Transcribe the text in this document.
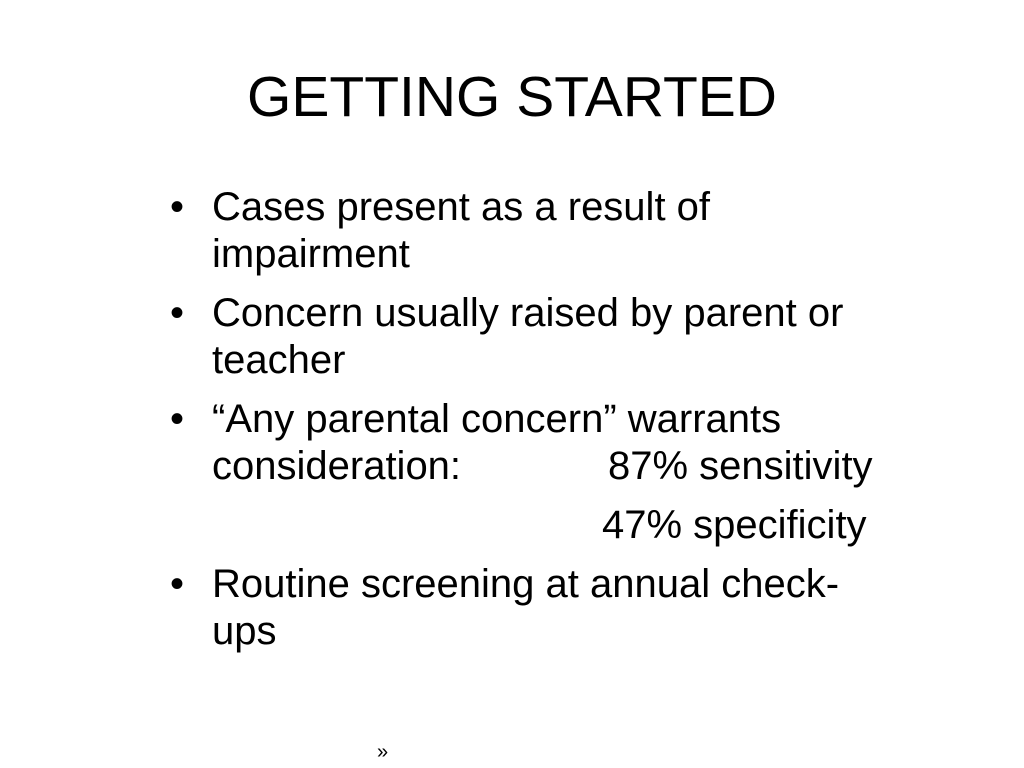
GETTING STARTED
• Cases present as a result of
impairment
• Concern usually raised by parent or
teacher
• “Any parental concern” warrants
consideration:	87% sensitivity
47% specificity
• Routine screening at annual check-
ups
»
